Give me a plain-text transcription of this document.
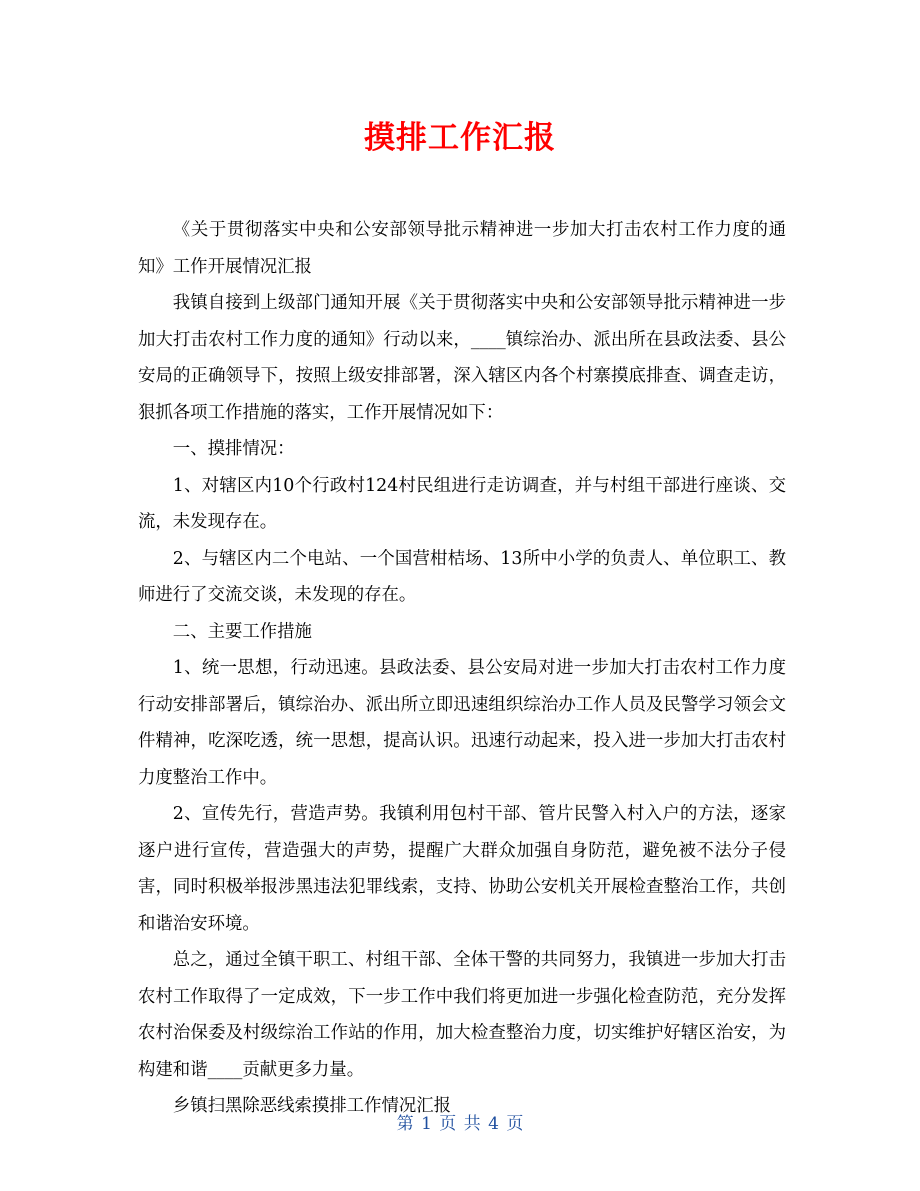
摸排工作汇报

《关于贯彻落实中央和公安部领导批示精神进一步加大打击农村工作力度的通知》工作开展情况汇报

我镇自接到上级部门通知开展《关于贯彻落实中央和公安部领导批示精神进一步加大打击农村工作力度的通知》行动以来，____镇综治办、派出所在县政法委、县公安局的正确领导下，按照上级安排部署，深入辖区内各个村寨摸底排查、调查走访，狠抓各项工作措施的落实，工作开展情况如下：

一、摸排情况：

1、对辖区内10个行政村124村民组进行走访调查，并与村组干部进行座谈、交流，未发现存在。

2、与辖区内二个电站、一个国营柑桔场、13所中小学的负责人、单位职工、教师进行了交流交谈，未发现的存在。

二、主要工作措施

1、统一思想，行动迅速。县政法委、县公安局对进一步加大打击农村工作力度行动安排部署后，镇综治办、派出所立即迅速组织综治办工作人员及民警学习领会文件精神，吃深吃透，统一思想，提高认识。迅速行动起来，投入进一步加大打击农村力度整治工作中。

2、宣传先行，营造声势。我镇利用包村干部、管片民警入村入户的方法，逐家逐户进行宣传，营造强大的声势，提醒广大群众加强自身防范，避免被不法分子侵害，同时积极举报涉黑违法犯罪线索，支持、协助公安机关开展检查整治工作，共创和谐治安环境。

总之，通过全镇干职工、村组干部、全体干警的共同努力，我镇进一步加大打击农村工作取得了一定成效，下一步工作中我们将更加进一步强化检查防范，充分发挥农村治保委及村级综治工作站的作用，加大检查整治力度，切实维护好辖区治安，为构建和谐____贡献更多力量。

乡镇扫黑除恶线索摸排工作情况汇报

第 1 页 共 4 页
